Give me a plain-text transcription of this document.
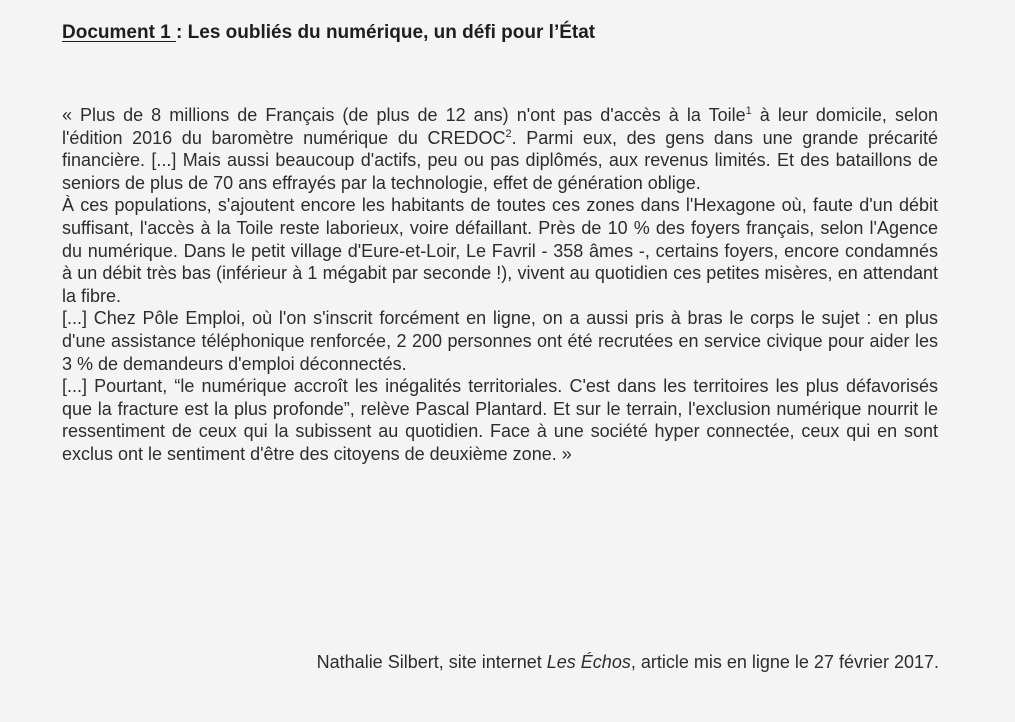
Document 1 : Les oubliés du numérique, un défi pour l’État

« Plus de 8 millions de Français (de plus de 12 ans) n'ont pas d'accès à la Toile$^1$ à leur domicile, selon l'édition 2016 du baromètre numérique du CREDOC$^2$. Parmi eux, des gens dans une grande précarité financière. [...] Mais aussi beaucoup d'actifs, peu ou pas diplômés, aux revenus limités. Et des bataillons de seniors de plus de 70 ans effrayés par la technologie, effet de génération oblige.

À ces populations, s'ajoutent encore les habitants de toutes ces zones dans l'Hexagone où, faute d'un débit suffisant, l'accès à la Toile reste laborieux, voire défaillant. Près de 10 % des foyers français, selon l'Agence du numérique. Dans le petit village d'Eure-et-Loir, Le Favril - 358 âmes -, certains foyers, encore condamnés à un débit très bas (inférieur à 1 mégabit par seconde !), vivent au quotidien ces petites misères, en attendant la fibre.

[...] Chez Pôle Emploi, où l'on s'inscrit forcément en ligne, on a aussi pris à bras le corps le sujet : en plus d'une assistance téléphonique renforcée, 2 200 personnes ont été recrutées en service civique pour aider les 3 % de demandeurs d'emploi déconnectés.

[...] Pourtant, “le numérique accroît les inégalités territoriales. C'est dans les territoires les plus défavorisés que la fracture est la plus profonde”, relève Pascal Plantard. Et sur le terrain, l'exclusion numérique nourrit le ressentiment de ceux qui la subissent au quotidien. Face à une société hyper connectée, ceux qui en sont exclus ont le sentiment d'être des citoyens de deuxième zone. »

Nathalie Silbert, site internet Les Échos, article mis en ligne le 27 février 2017.
